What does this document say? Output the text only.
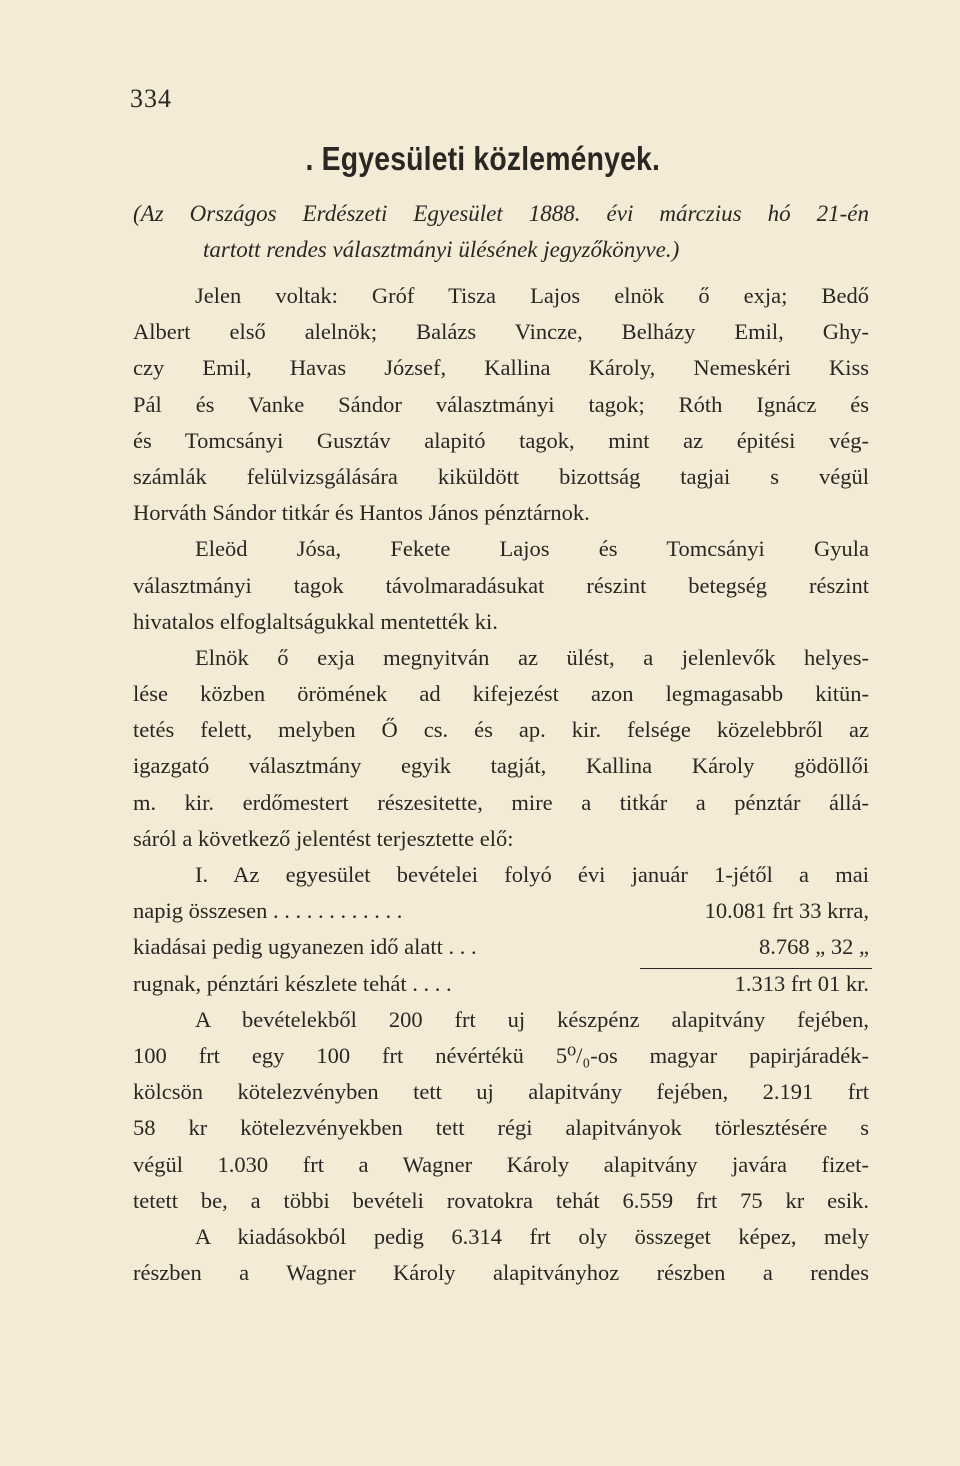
334
. Egyesületi közlemények.
(Az Országos Erdészeti Egyesület 1888. évi márczius hó 21-én
tartott rendes választmányi ülésének jegyzőkönyve.)
Jelen voltak: Gróf Tisza Lajos elnök ő exja; Bedő
Albert első alelnök; Balázs Vincze, Belházy Emil, Ghy-
czy Emil, Havas József, Kallina Károly, Nemeskéri Kiss
Pál és Vanke Sándor választmányi tagok; Róth Ignácz és
és Tomcsányi Gusztáv alapitó tagok, mint az épitési vég-
számlák felülvizsgálására kiküldött bizottság tagjai s végül
Horváth Sándor titkár és Hantos János pénztárnok.
Eleöd Jósa, Fekete Lajos és Tomcsányi Gyula
választmányi tagok távolmaradásukat részint betegség részint
hivatalos elfoglaltságukkal mentették ki.
Elnök ő exja megnyitván az ülést, a jelenlevők helyes-
lése közben örömének ad kifejezést azon legmagasabb kitün-
tetés felett, melyben Ő cs. és ap. kir. felsége közelebbről az
igazgató választmány egyik tagját, Kallina Károly gödöllői
m. kir. erdőmestert részesitette, mire a titkár a pénztár állá-
sáról a következő jelentést terjesztette elő:
I. Az egyesület bevételei folyó évi január 1-jétől a mai
napig összesen . . . . . . . . . . . .	10.081 frt 33 krra,
kiadásai pedig ugyanezen idő alatt . . .	8.768 „ 32 „
rugnak, pénztári készlete tehát . . . .	1.313 frt 01 kr.
A bevételekből 200 frt uj készpénz alapitvány fejében,
100 frt egy 100 frt névértékü 5⁰/₀-os magyar papirjáradék-
kölcsön kötelezvényben tett uj alapitvány fejében, 2.191 frt
58 kr kötelezvényekben tett régi alapitványok törlesztésére s
végül 1.030 frt a Wagner Károly alapitvány javára fizet-
tetett be, a többi bevételi rovatokra tehát 6.559 frt 75 kr esik.
A kiadásokból pedig 6.314 frt oly összeget képez, mely
részben a Wagner Károly alapitványhoz részben a rendes
